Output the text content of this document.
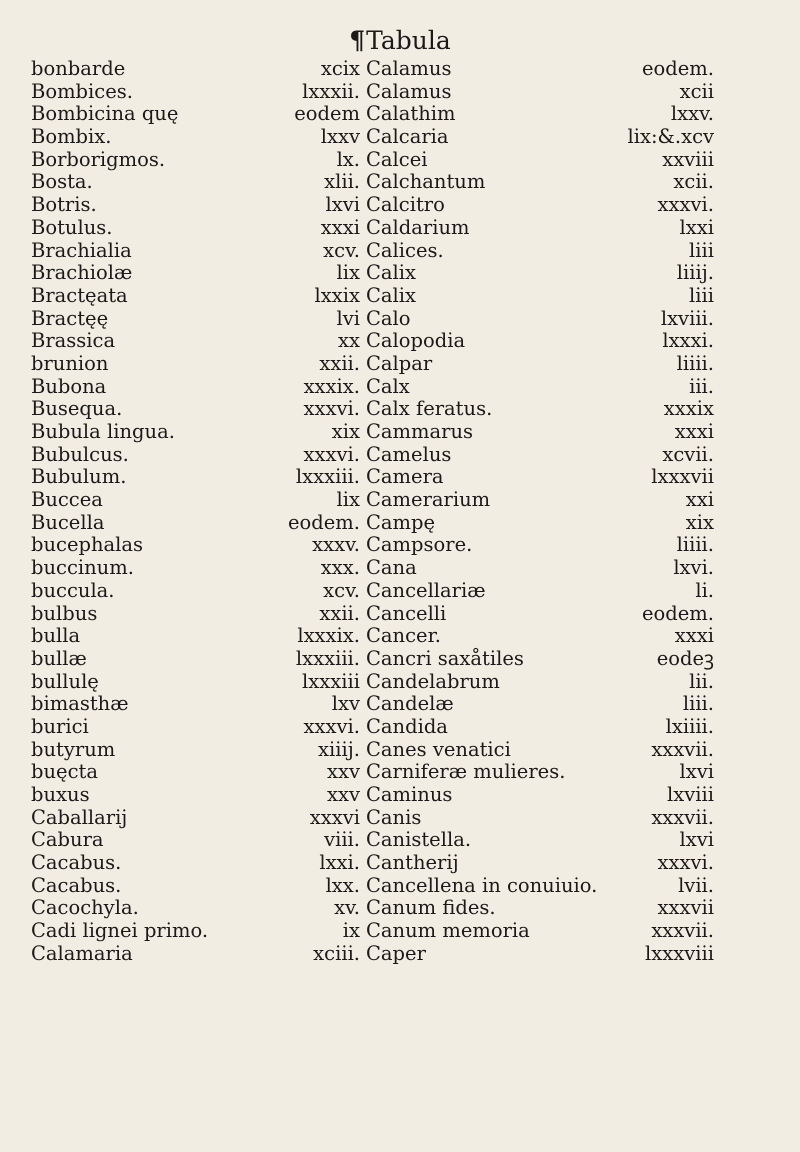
¶Tabula
bonbarde
Bombices.
Bombicina quę
Bombix.
Borborigmos.
Bosta.
Botris.
Botulus.
Brachialia
Brachiolæ
Bractęata
Bractęę
Brassica
brunion
Bubona
Busequa.
Bubula lingua.
Bubulcus.
Bubulum.
Buccea
Bucella
bucephalas
buccinum.
buccula.
bulbus
bulla
bullæ
bullulę
bimasthæ
burici
butyrum
buęcta
buxus
Caballarij
Cabura
Cacabus.
Cacabus.
Cacochyla.
Cadi lignei primo.
Calamaria
xcix
lxxxii.
eodem
lxxv
lx.
xlii.
lxvi
xxxi
xcv.
lix
lxxix
lvi
xx
xxii.
xxxix.
xxxvi.
xix
xxxvi.
lxxxiii.
lix
eodem.
xxxv.
xxx.
xcv.
xxii.
lxxxix.
lxxxiii.
lxxxiii
lxv
xxxvi.
xiiij.
xxv
xxv
xxxvi
viii.
lxxi.
lxx.
xv.
ix
xciii.
Calamus
Calamus
Calathim
Calcaria
Calcei
Calchantum
Calcitro
Caldarium
Calices.
Calix
Calix
Calo
Calopodia
Calpar
Calx
Calx feratus.
Cammarus
Camelus
Camera
Camerarium
Campę
Campsore.
Cana
Cancellariæ
Cancelli
Cancer.
Cancri saxåtiles
Candelabrum
Candelæ
Candida
Canes venatici
Carniferæ mulieres.
Caminus
Canis
Canistella.
Cantherij
Cancellena in conuiuio.
Canum fides.
Canum memoria
Caper
eodem.
xcii
lxxv.
lix:&.xcv
xxviii
xcii.
xxxvi.
lxxi
liii
liiij.
liii
lxviii.
lxxxi.
liiii.
iii.
xxxix
xxxi
xcvii.
lxxxvii
xxi
xix
liiii.
lxvi.
li.
eodem.
xxxi
eodeꝫ
lii.
liii.
lxiiii.
xxxvii.
lxvi
lxviii
xxxvii.
lxvi
xxxvi.
lvii.
xxxvii
xxxvii.
lxxxviii
